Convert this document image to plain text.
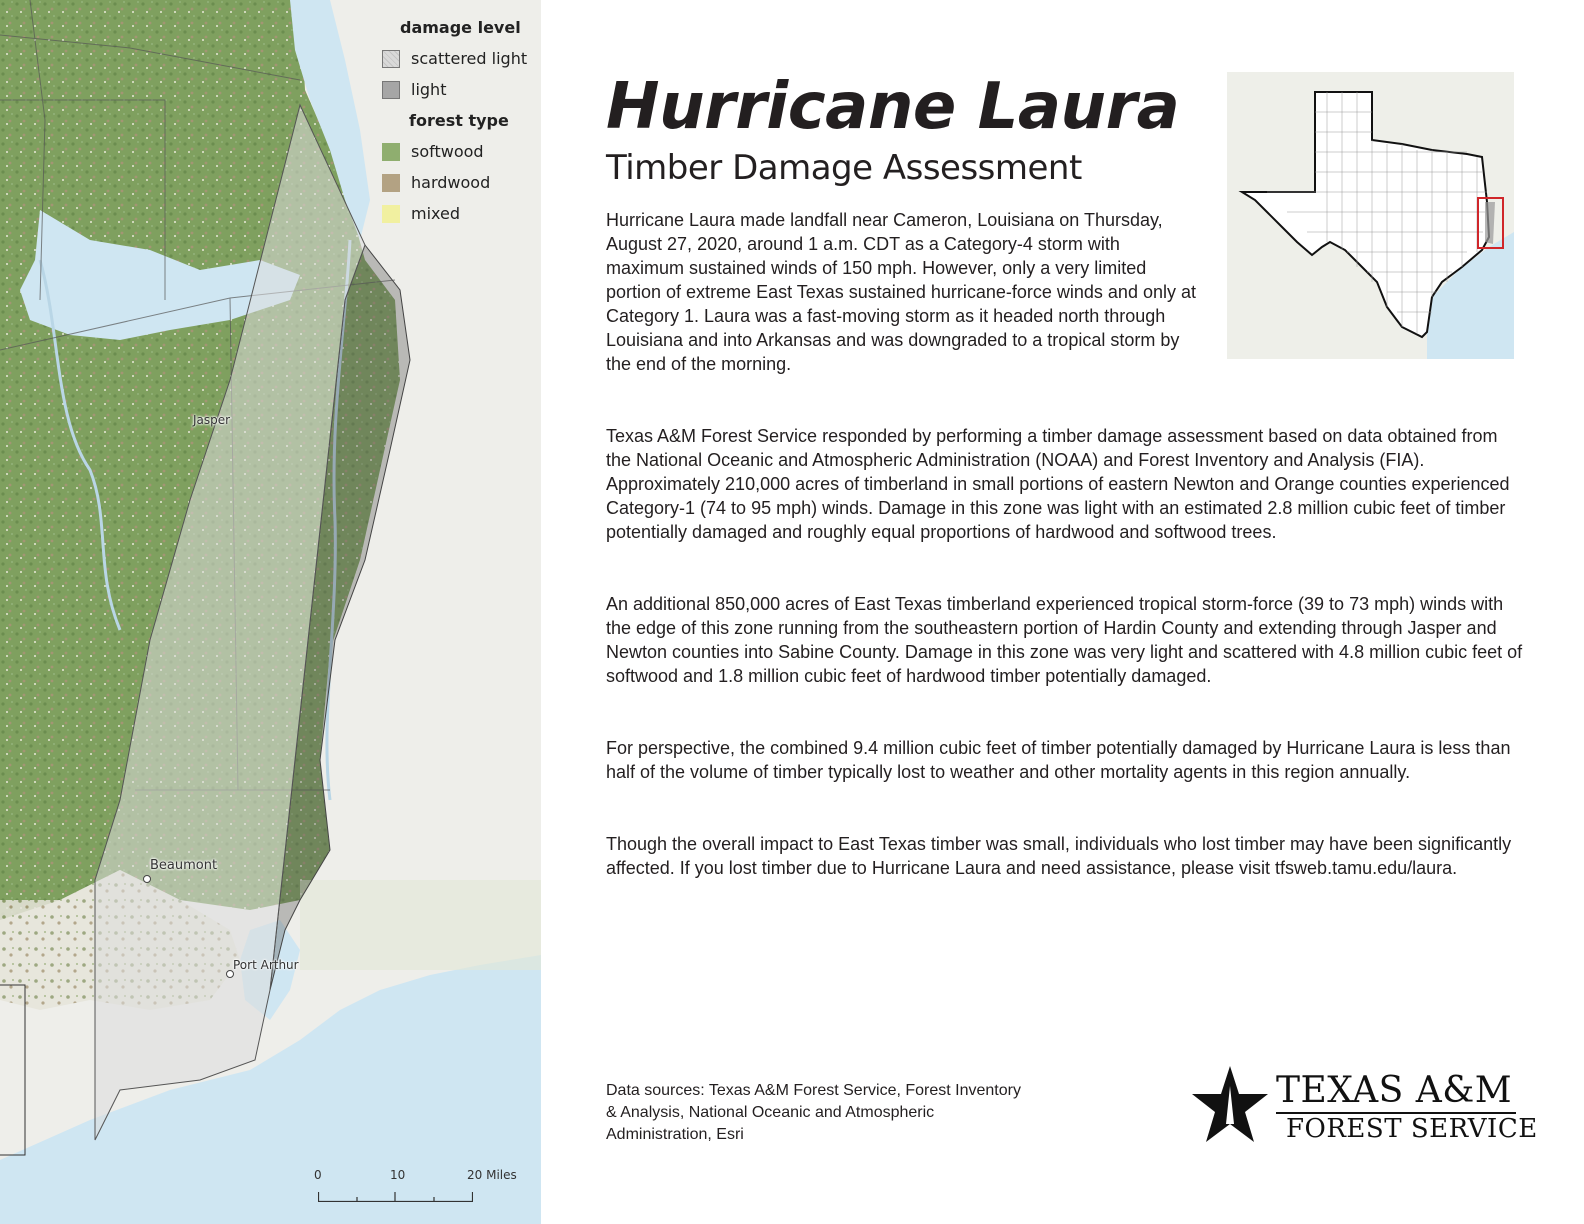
Jasper
Beaumont
Port Arthur
damage level
scattered light
light
forest type
softwood
hardwood
mixed
0	10	20 Miles
Hurricane Laura
Timber Damage Assessment
Hurricane Laura made landfall near Cameron, Louisiana on Thursday, August 27, 2020, around 1 a.m. CDT as a Category-4 storm with maximum sustained winds of 150 mph. However, only a very limited portion of extreme East Texas sustained hurricane-force winds and only at Category 1. Laura was a fast-moving storm as it headed north through Louisiana and into Arkansas and was downgraded to a tropical storm by the end of the morning.
Texas A&M Forest Service responded by performing a timber damage assessment based on data obtained from the National Oceanic and Atmospheric Administration (NOAA) and Forest Inventory and Analysis (FIA). Approximately 210,000 acres of timberland in small portions of eastern Newton and Orange counties experienced Category-1 (74 to 95 mph) winds. Damage in this zone was light with an estimated 2.8 million cubic feet of timber potentially damaged and roughly equal proportions of hardwood and softwood trees.
An additional 850,000 acres of East Texas timberland experienced tropical storm-force (39 to 73 mph) winds with the edge of this zone running from the southeastern portion of Hardin County and extending through Jasper and Newton counties into Sabine County. Damage in this zone was very light and scattered with 4.8 million cubic feet of softwood and 1.8 million cubic feet of hardwood timber potentially damaged.
For perspective, the combined 9.4 million cubic feet of timber potentially damaged by Hurricane Laura is less than half of the volume of timber typically lost to weather and other mortality agents in this region annually.
Though the overall impact to East Texas timber was small, individuals who lost timber may have been significantly affected. If you lost timber due to Hurricane Laura and need assistance, please visit tfsweb.tamu.edu/laura.
Data sources: Texas A&M Forest Service, Forest Inventory & Analysis, National Oceanic and Atmospheric Administration, Esri
TEXAS A&M
FOREST SERVICE
